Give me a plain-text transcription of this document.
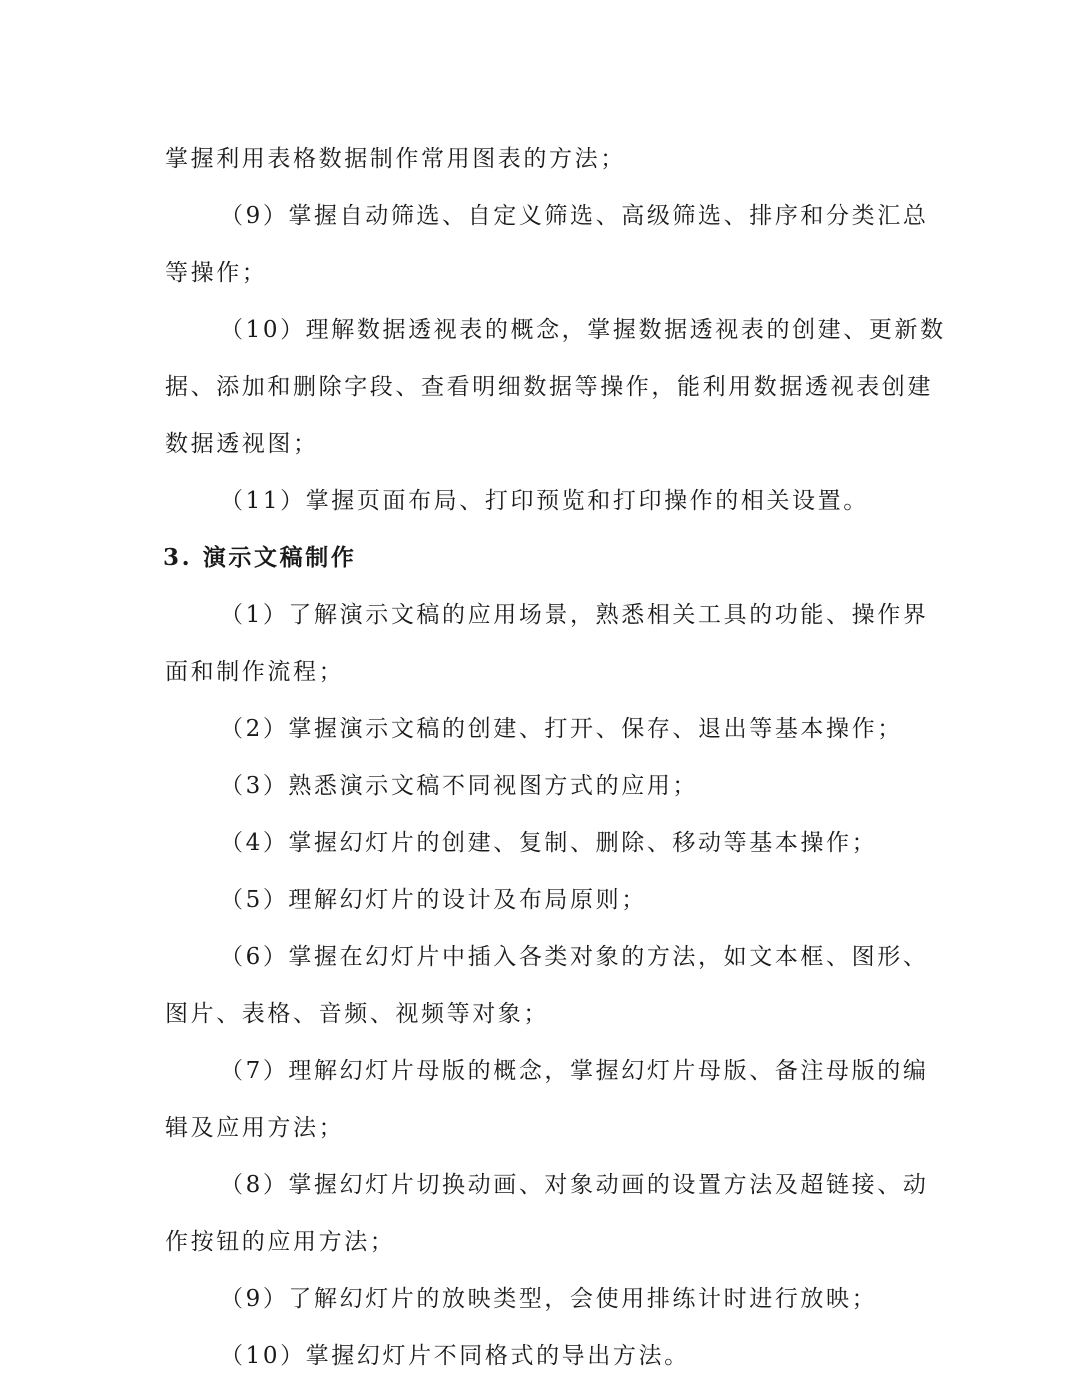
掌握利用表格数据制作常用图表的方法；
（9）掌握自动筛选、自定义筛选、高级筛选、排序和分类汇总
等操作；
（10）理解数据透视表的概念，掌握数据透视表的创建、更新数
据、添加和删除字段、查看明细数据等操作，能利用数据透视表创建
数据透视图；
（11）掌握页面布局、打印预览和打印操作的相关设置。
3. 演示文稿制作
（1）了解演示文稿的应用场景，熟悉相关工具的功能、操作界
面和制作流程；
（2）掌握演示文稿的创建、打开、保存、退出等基本操作；
（3）熟悉演示文稿不同视图方式的应用；
（4）掌握幻灯片的创建、复制、删除、移动等基本操作；
（5）理解幻灯片的设计及布局原则；
（6）掌握在幻灯片中插入各类对象的方法，如文本框、图形、
图片、表格、音频、视频等对象；
（7）理解幻灯片母版的概念，掌握幻灯片母版、备注母版的编
辑及应用方法；
（8）掌握幻灯片切换动画、对象动画的设置方法及超链接、动
作按钮的应用方法；
（9）了解幻灯片的放映类型，会使用排练计时进行放映；
（10）掌握幻灯片不同格式的导出方法。
